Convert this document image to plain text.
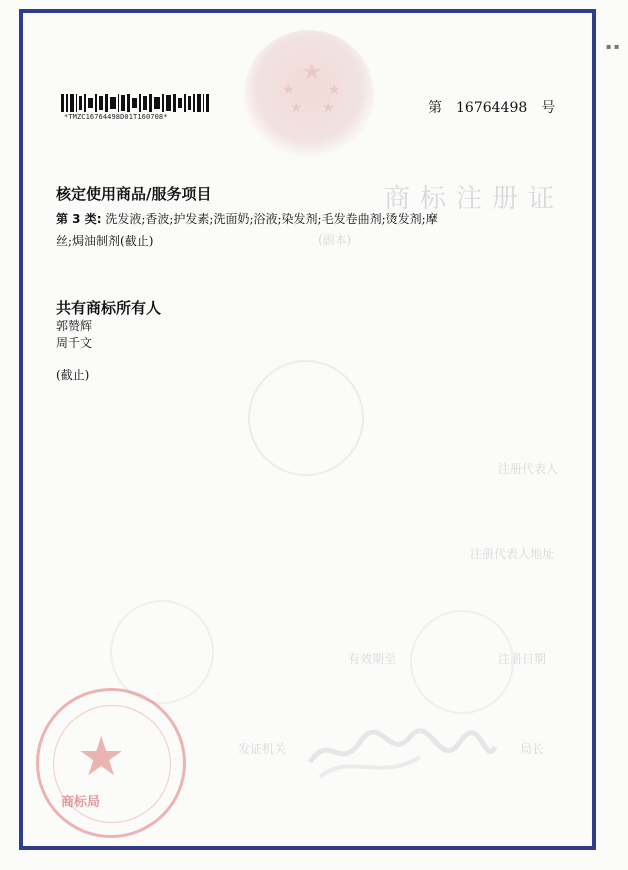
★
★ ★
★ ★
商标注册证
(副本)
注册代表人
注册代表人地址
注册日期
有效期至
局长
发证机关
*TMZC16764498D01T160708*
第 16764498 号
核定使用商品/服务项目
第 3 类: 洗发液;香波;护发素;洗面奶;浴液;染发剂;毛发卷曲剂;烫发剂;摩
丝;焗油制剂(截止)
共有商标所有人
郭赞辉
周千文
(截止)
★
商标局
▪ ▪
